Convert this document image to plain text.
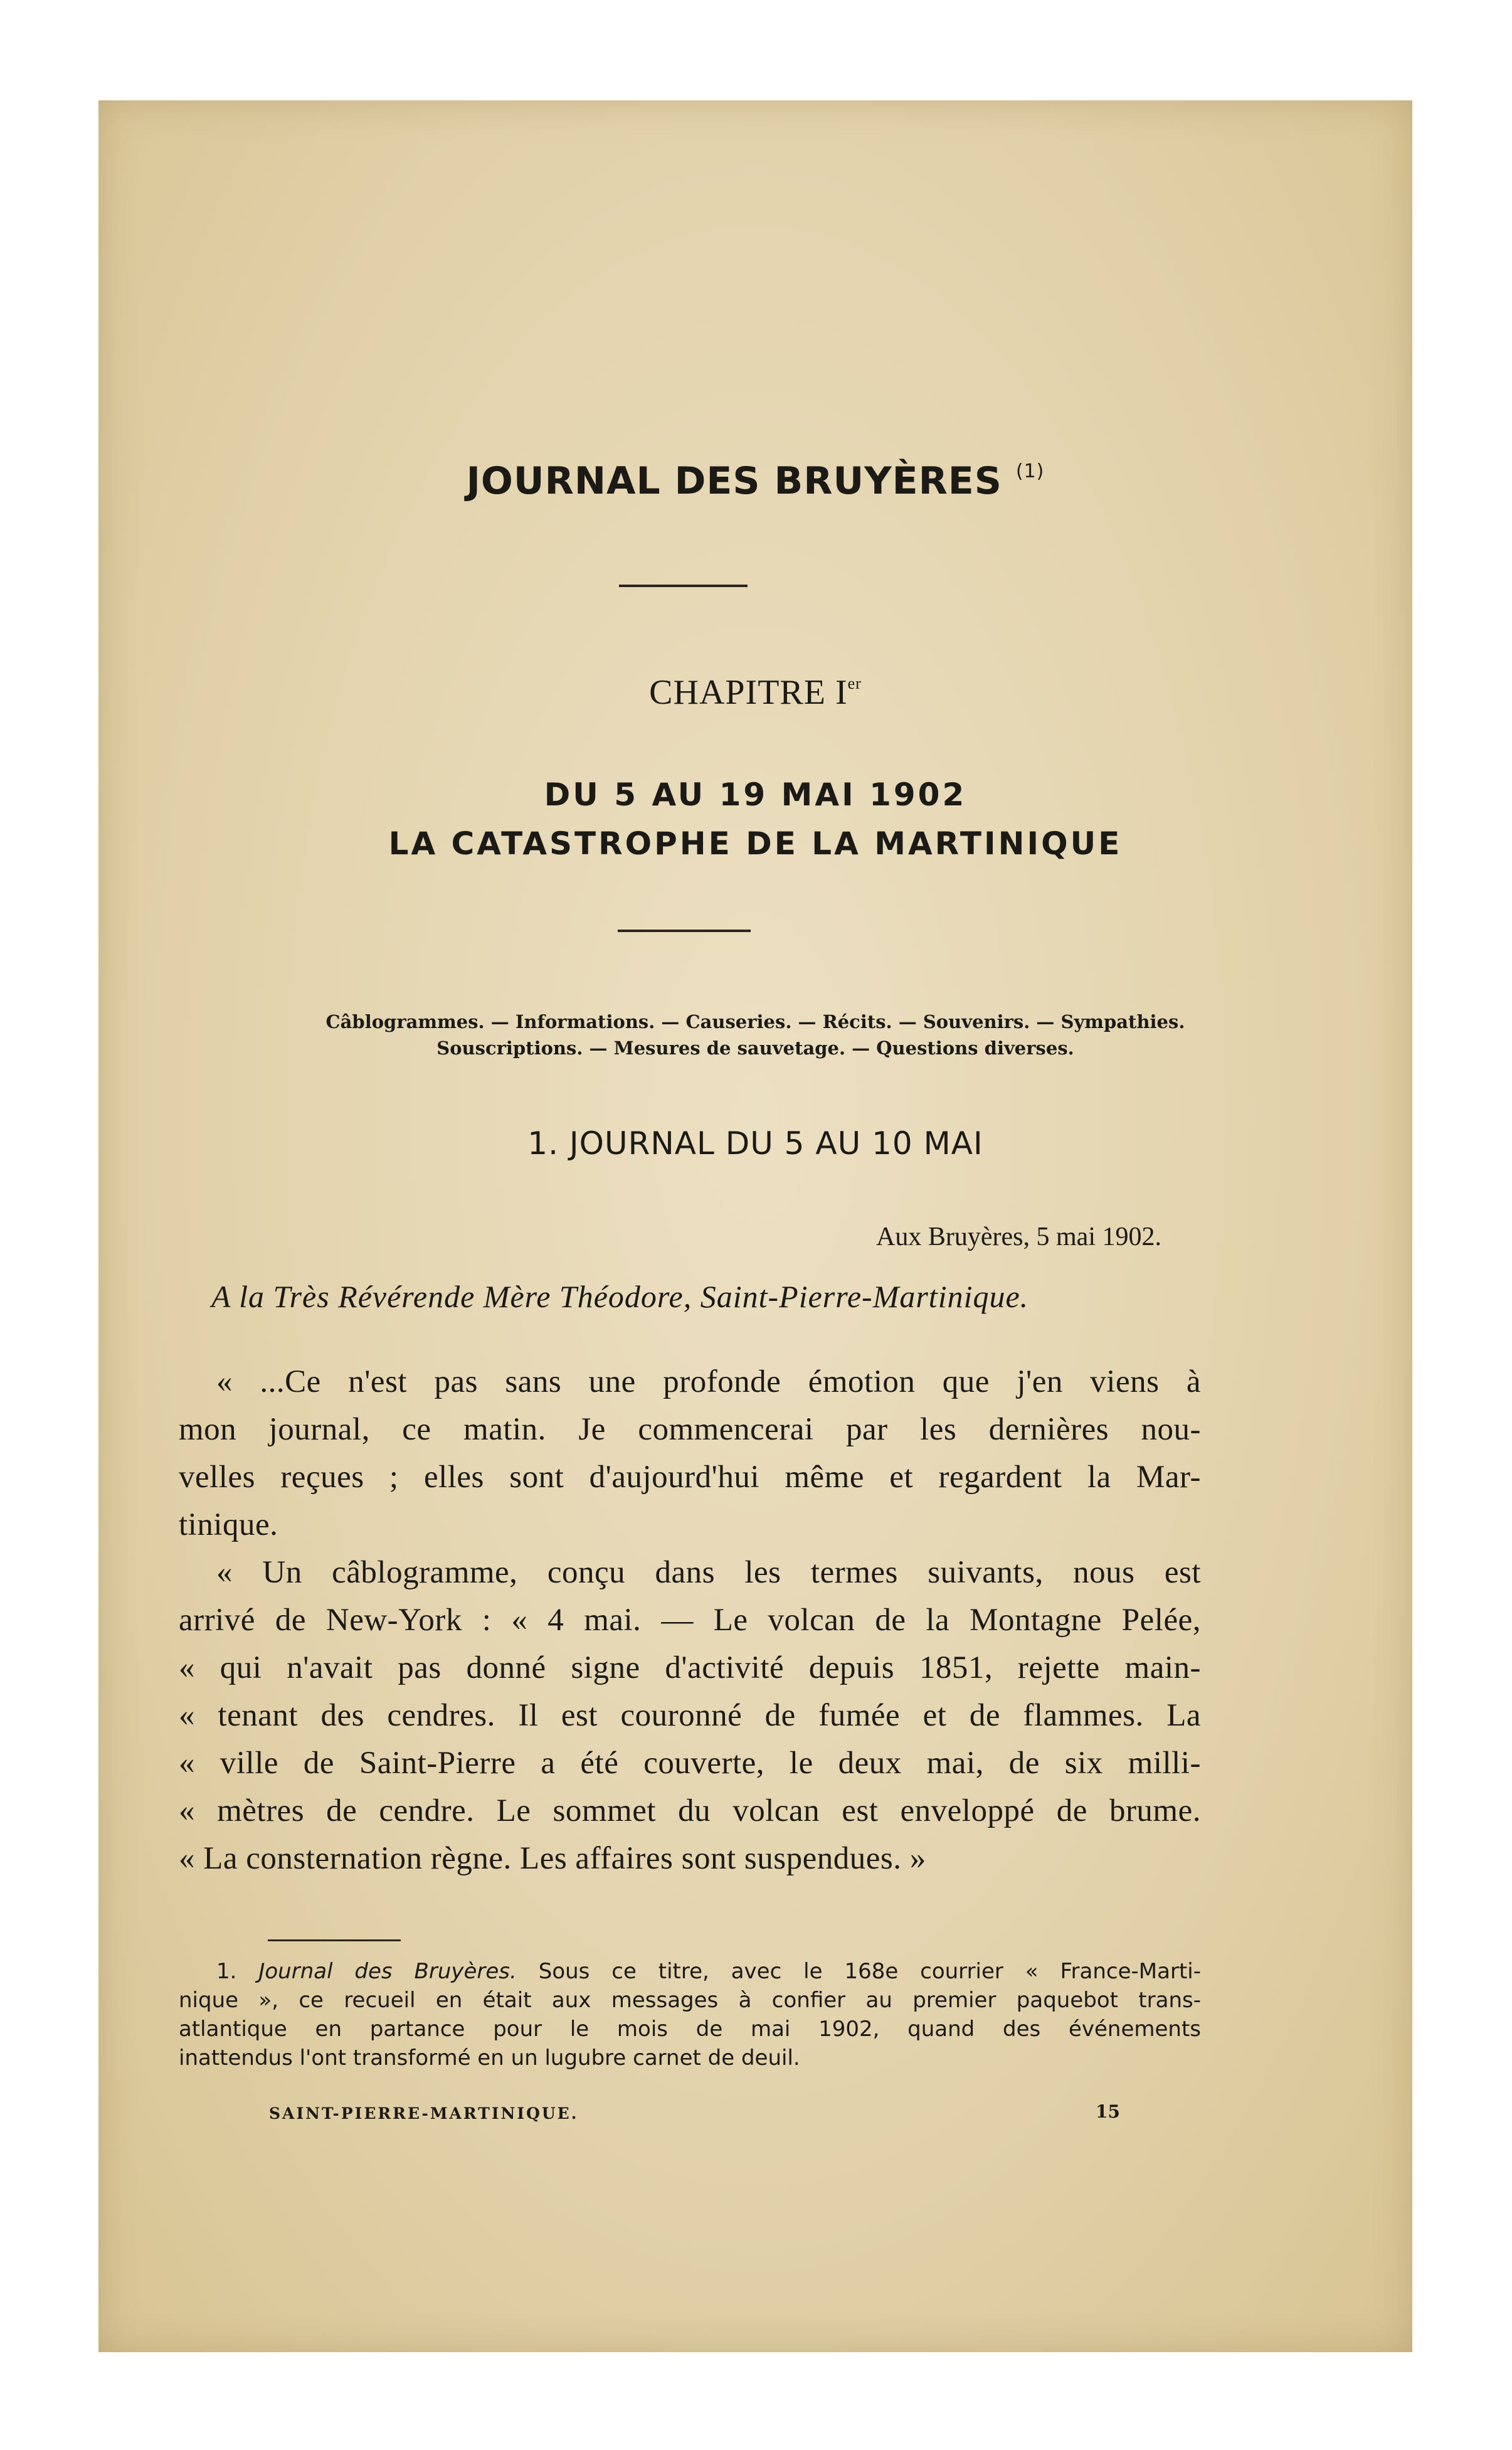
JOURNAL DES BRUYÈRES $^{(1)}$
CHAPITRE Ier
DU 5 AU 19 MAI 1902
LA CATASTROPHE DE LA MARTINIQUE
Câblogrammes. — Informations. — Causeries. — Récits. — Souvenirs. — Sympathies.
Souscriptions. — Mesures de sauvetage. — Questions diverses.
1. JOURNAL DU 5 AU 10 MAI
Aux Bruyères, 5 mai 1902.
A la Très Révérende Mère Théodore, Saint-Pierre-Martinique.

« ...Ce n'est pas sans une profonde émotion que j'en viens à
mon journal, ce matin. Je commencerai par les dernières nou-
velles reçues ; elles sont d'aujourd'hui même et regardent la Mar-
tinique.

« Un câblogramme, conçu dans les termes suivants, nous est
arrivé de New-York : « 4 mai. — Le volcan de la Montagne Pelée,
« qui n'avait pas donné signe d'activité depuis 1851, rejette main-
« tenant des cendres. Il est couronné de fumée et de flammes. La
« ville de Saint-Pierre a été couverte, le deux mai, de six milli-
« mètres de cendre. Le sommet du volcan est enveloppé de brume.
« La consternation règne. Les affaires sont suspendues. »

1. Journal des Bruyères. Sous ce titre, avec le 168e courrier « France-Marti-
nique », ce recueil en était aux messages à confier au premier paquebot trans-
atlantique en partance pour le mois de mai 1902, quand des événements
inattendus l'ont transformé en un lugubre carnet de deuil.
SAINT-PIERRE-MARTINIQUE.	15
